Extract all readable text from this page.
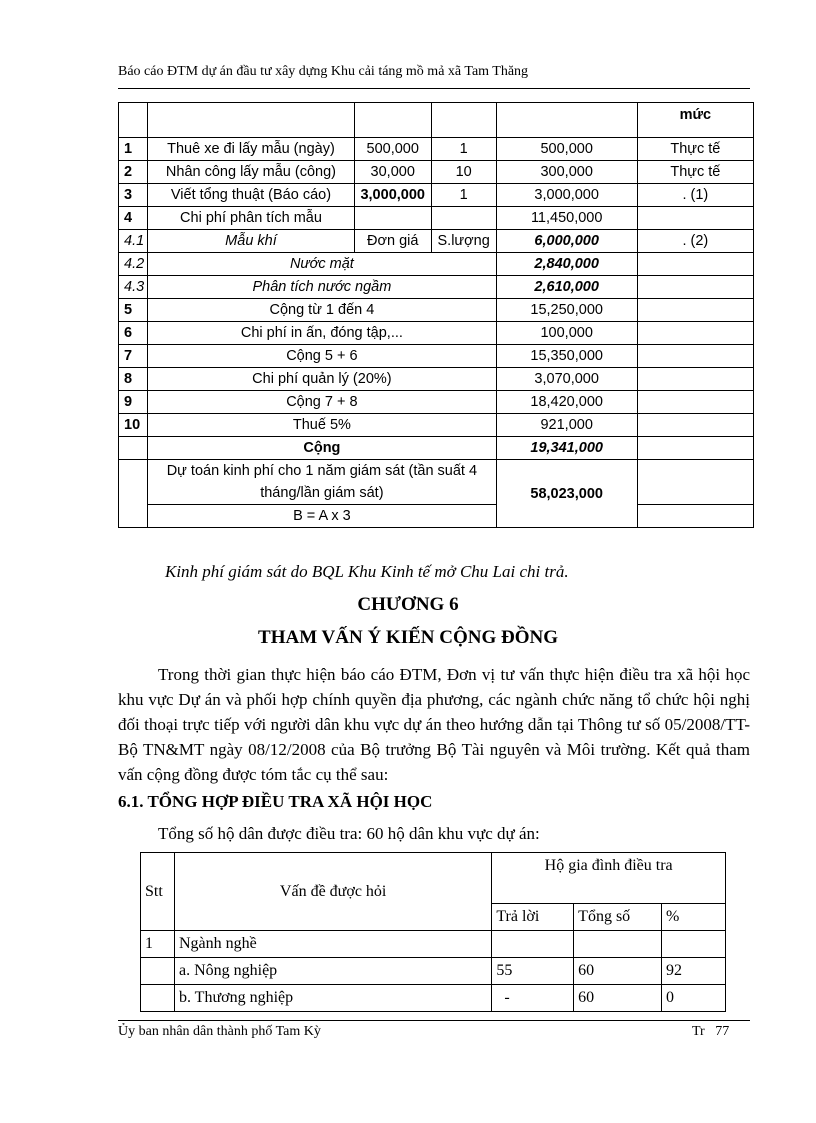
Báo cáo ĐTM dự án đầu tư xây dựng Khu cải táng mồ mả xã Tam Thăng
					mức
1	Thuê xe đi lấy mẫu (ngày)	500,000	1	500,000	Thực tế
2	Nhân công lấy mẫu (công)	30,000	10	300,000	Thực tế
3	Viết tổng thuật (Báo cáo)	3,000,000	1	3,000,000	. (1)
4	Chi phí phân tích mẫu			11,450,000	
4.1	Mẫu khí	Đơn giá	S.lượng	6,000,000	. (2)
4.2	Nước mặt			2,840,000	
4.3	Phân tích nước ngầm			2,610,000	
5	Cộng từ 1 đến 4			15,250,000	
6	Chi phí in ấn, đóng tập,...			100,000	
7	Cộng 5 + 6			15,350,000	
8	Chi phí quản lý (20%)			3,070,000	
9	Cộng 7 + 8			18,420,000	
10	Thuế 5%			921,000	
	Cộng			19,341,000	
	Dự toán kinh phí cho 1 năm giám sát (tần suất 4 tháng/lần giám sát)			58,023,000	
	B = A x 3				
Kinh phí giám sát do BQL Khu Kinh tế mở Chu Lai chi trả.
CHƯƠNG 6
THAM VẤN Ý KIẾN CỘNG ĐỒNG
Trong thời gian thực hiện báo cáo ĐTM, Đơn vị tư vấn thực hiện điều tra xã hội học khu vực Dự án và phối hợp chính quyền địa phương, các ngành chức năng tổ chức hội nghị đối thoại trực tiếp với người dân khu vực dự án theo hướng dẫn tại Thông tư số 05/2008/TT-Bộ TN&MT ngày 08/12/2008 của Bộ trưởng Bộ Tài nguyên và Môi trường. Kết quả tham vấn cộng đồng được tóm tắc cụ thể sau:
6.1. TỔNG HỢP ĐIỀU TRA XÃ HỘI HỌC
Tổng số hộ dân được điều tra: 60 hộ dân khu vực dự án:
Stt	Vấn đề được hỏi	Hộ gia đình điều tra		
		Trả lời	Tổng số	%
1	Ngành nghề			
	a. Nông nghiệp	55	60	92
	b. Thương nghiệp	-	60	0
Ủy ban nhân dân thành phố Tam Kỳ	Tr 77
